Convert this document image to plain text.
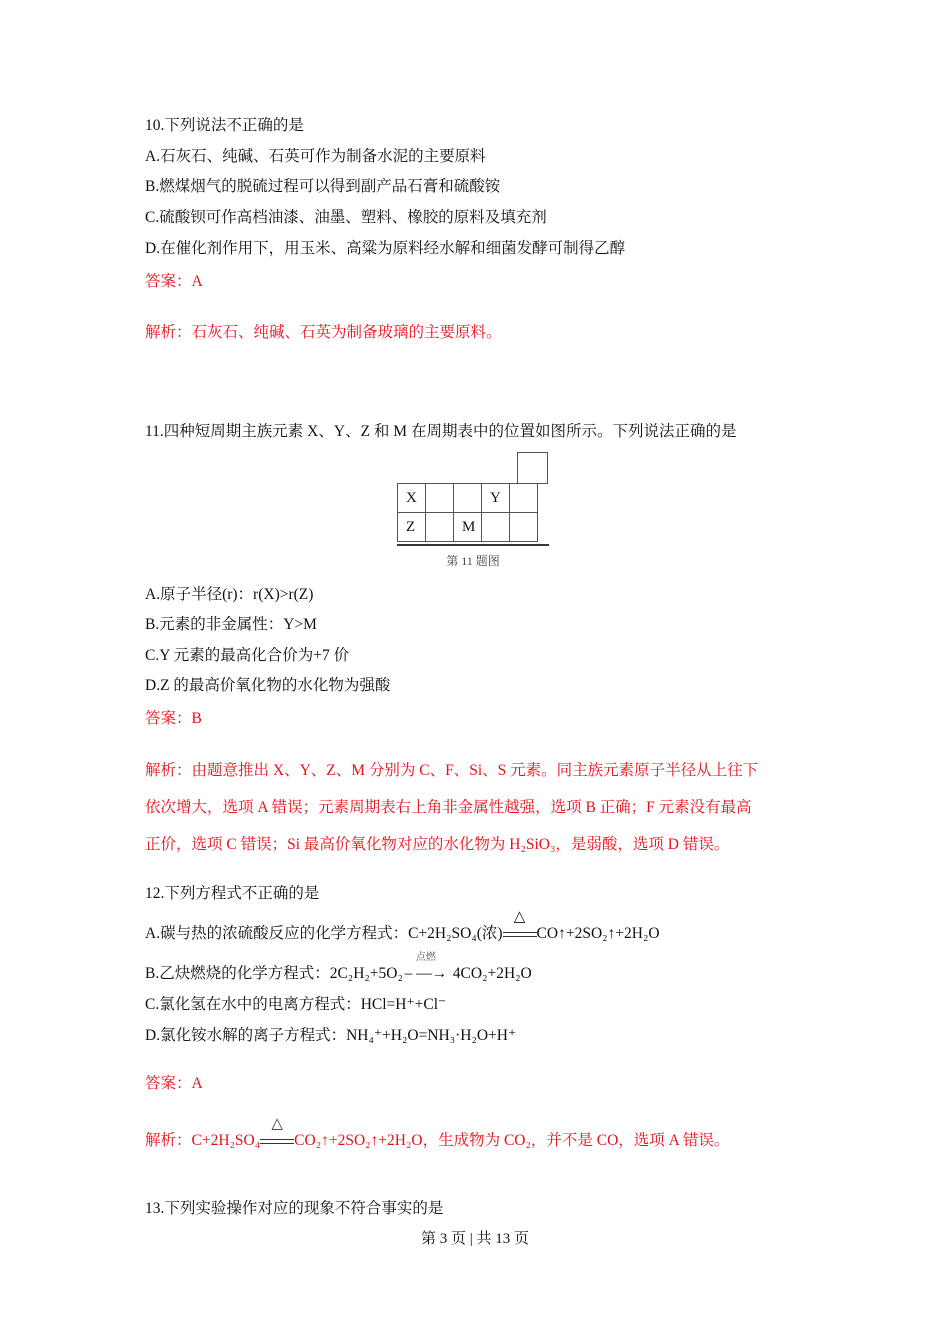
10.下列说法不正确的是
A.石灰石、纯碱、石英可作为制备水泥的主要原料
B.燃煤烟气的脱硫过程可以得到副产品石膏和硫酸铵
C.硫酸钡可作高档油漆、油墨、塑料、橡胶的原料及填充剂
D.在催化剂作用下，用玉米、高粱为原料经水解和细菌发酵可制得乙醇
答案：A
解析：石灰石、纯碱、石英为制备玻璃的主要原料。
11.四种短周期主族元素 X、Y、Z 和 M 在周期表中的位置如图所示。下列说法正确的是
X			Y	
Z		M		
第 11 题图
A.原子半径(r)：r(X)>r(Z)
B.元素的非金属性：Y>M
C.Y 元素的最高化合价为+7 价
D.Z 的最高价氧化物的水化物为强酸
答案：B
解析：由题意推出 X、Y、Z、M 分别为 C、F、Si、S 元素。同主族元素原子半径从上往下
依次增大，选项 A 错误；元素周期表右上角非金属性越强，选项 B 正确；F 元素没有最高
正价，选项 C 错误；Si 最高价氧化物对应的水化物为 H₂SiO₃，是弱酸，选项 D 错误。
12.下列方程式不正确的是
A.碳与热的浓硫酸反应的化学方程式：C+2H₂SO₄(浓)
△
CO↑+2SO₂↑+2H₂O
B.乙炔燃烧的化学方程式：2C₂H₂+5O₂
点燃
– —→ 4CO₂+2H₂O
C.氯化氢在水中的电离方程式：HCl=H⁺+Cl⁻
D.氯化铵水解的离子方程式：NH₄⁺+H₂O=NH₃·H₂O+H⁺
答案：A
解析：C+2H₂SO₄
△
CO₂↑+2SO₂↑+2H₂O，生成物为 CO₂，并不是 CO，选项 A 错误。
13.下列实验操作对应的现象不符合事实的是
第 3 页 | 共 13 页
